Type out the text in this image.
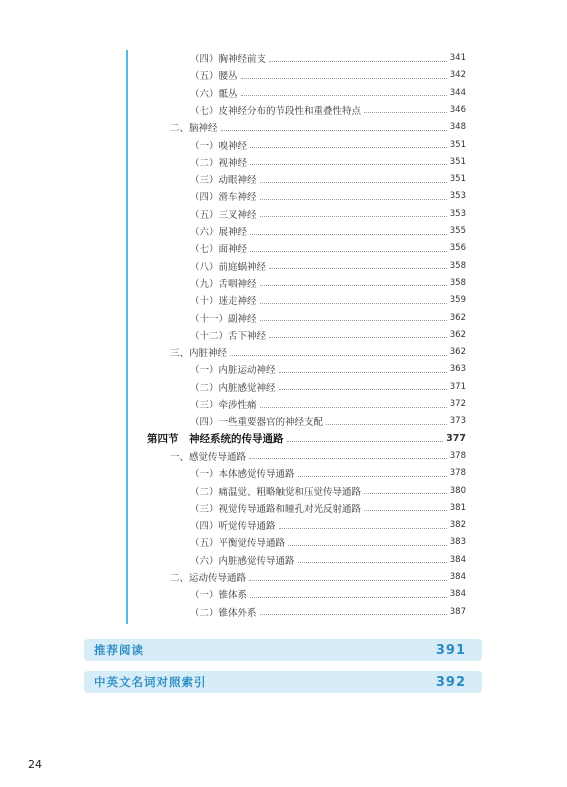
（四）胸神经前支	341
（五）腰丛	342
（六）骶丛	344
（七）皮神经分布的节段性和重叠性特点	346
二、脑神经	348
（一）嗅神经	351
（二）视神经	351
（三）动眼神经	351
（四）滑车神经	353
（五）三叉神经	353
（六）展神经	355
（七）面神经	356
（八）前庭蜗神经	358
（九）舌咽神经	358
（十）迷走神经	359
（十一）副神经	362
（十二）舌下神经	362
三、内脏神经	362
（一）内脏运动神经	363
（二）内脏感觉神经	371
（三）牵涉性痛	372
（四）一些重要器官的神经支配	373
第四节　神经系统的传导通路	377
一、感觉传导通路	378
（一）本体感觉传导通路	378
（二）痛温觉、粗略触觉和压觉传导通路	380
（三）视觉传导通路和瞳孔对光反射通路	381
（四）听觉传导通路	382
（五）平衡觉传导通路	383
（六）内脏感觉传导通路	384
二、运动传导通路	384
（一）锥体系	384
（二）锥体外系	387
推荐阅读	391
中英文名词对照索引	392
24
